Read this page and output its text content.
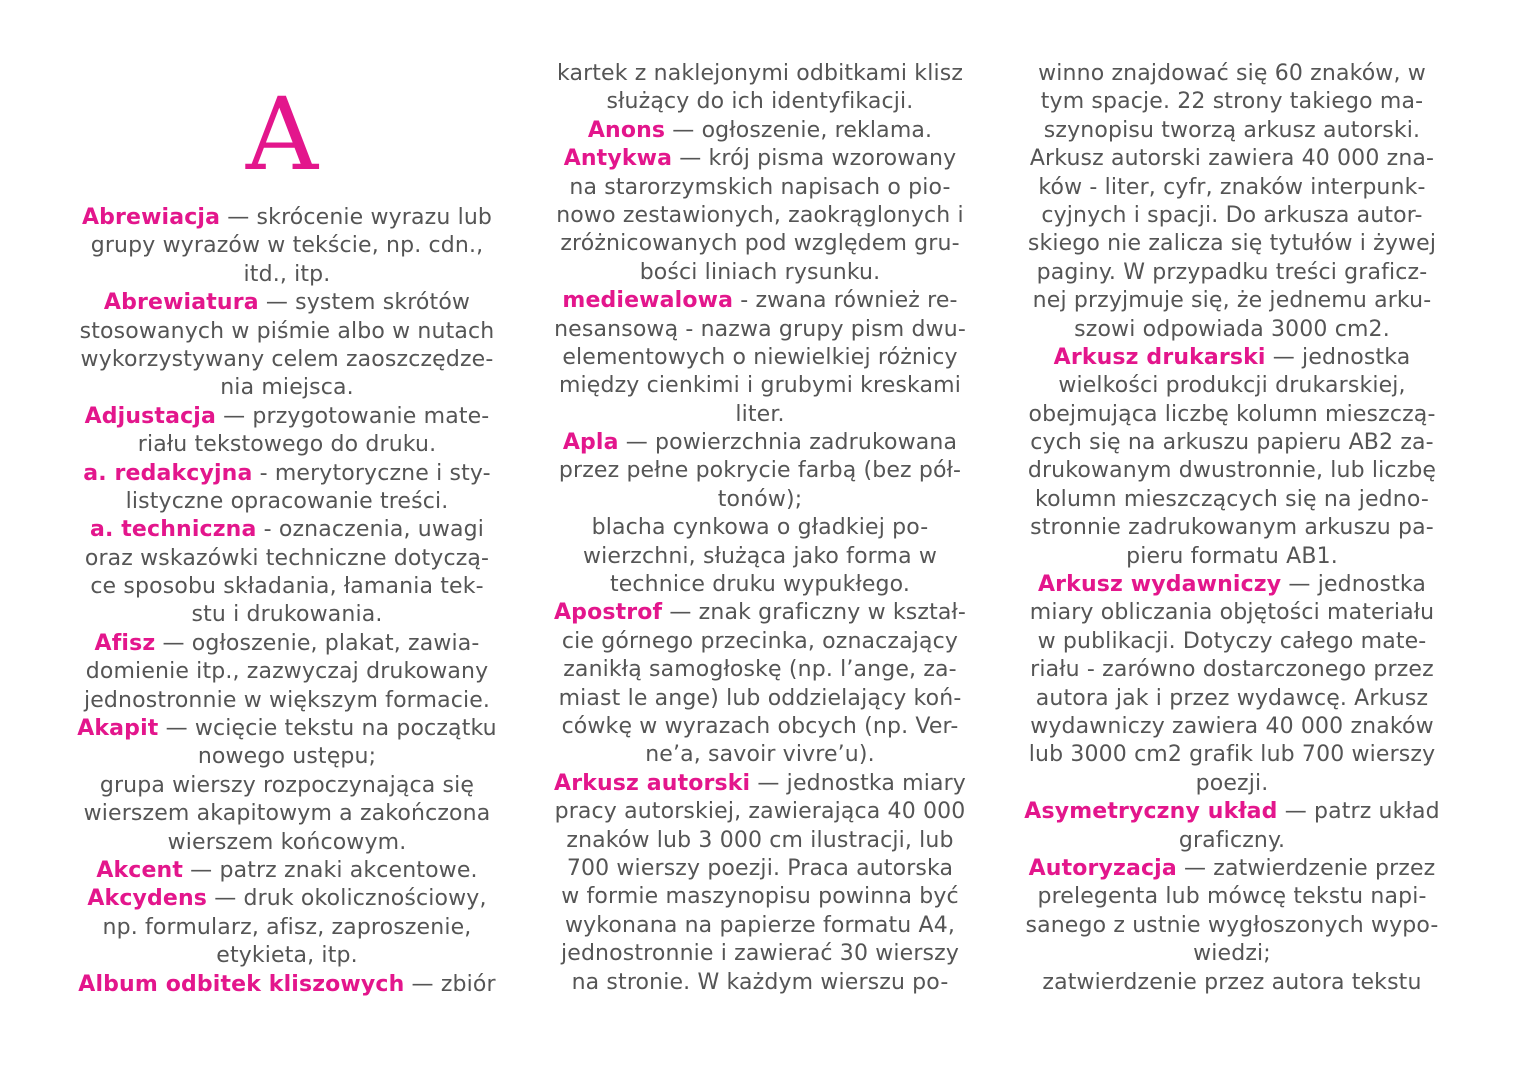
A
Abrewiacja — skrócenie wyrazu lub
grupy wyrazów w tekście, np. cdn.,
itd., itp.
Abrewiatura — system skrótów
stosowanych w piśmie albo w nutach
wykorzystywany celem zaoszczędze-
nia miejsca.
Adjustacja — przygotowanie mate-
riału tekstowego do druku.
a. redakcyjna - merytoryczne i sty-
listyczne opracowanie treści.
a. techniczna - oznaczenia, uwagi
oraz wskazówki techniczne dotyczą-
ce sposobu składania, łamania tek-
stu i drukowania.
Afisz — ogłoszenie, plakat, zawia-
domienie itp., zazwyczaj drukowany
jednostronnie w większym formacie.
Akapit — wcięcie tekstu na początku
nowego ustępu;
grupa wierszy rozpoczynająca się
wierszem akapitowym a zakończona
wierszem końcowym.
Akcent — patrz znaki akcentowe.
Akcydens — druk okolicznościowy,
np. formularz, afisz, zaproszenie,
etykieta, itp.
Album odbitek kliszowych — zbiór
kartek z naklejonymi odbitkami klisz
służący do ich identyfikacji.
Anons — ogłoszenie, reklama.
Antykwa — krój pisma wzorowany
na starorzymskich napisach o pio-
nowo zestawionych, zaokrąglonych i
zróżnicowanych pod względem gru-
bości liniach rysunku.
mediewalowa - zwana również re-
nesansową - nazwa grupy pism dwu-
elementowych o niewielkiej różnicy
między cienkimi i grubymi kreskami
liter.
Apla — powierzchnia zadrukowana
przez pełne pokrycie farbą (bez pół-
tonów);
blacha cynkowa o gładkiej po-
wierzchni, służąca jako forma w
technice druku wypukłego.
Apostrof — znak graficzny w kształ-
cie górnego przecinka, oznaczający
zanikłą samogłoskę (np. l’ange, za-
miast le ange) lub oddzielający koń-
cówkę w wyrazach obcych (np. Ver-
ne’a, savoir vivre’u).
Arkusz autorski — jednostka miary
pracy autorskiej, zawierająca 40 000
znaków lub 3 000 cm ilustracji, lub
700 wierszy poezji. Praca autorska
w formie maszynopisu powinna być
wykonana na papierze formatu A4,
jednostronnie i zawierać 30 wierszy
na stronie. W każdym wierszu po-
winno znajdować się 60 znaków, w
tym spacje. 22 strony takiego ma-
szynopisu tworzą arkusz autorski.
Arkusz autorski zawiera 40 000 zna-
ków - liter, cyfr, znaków interpunk-
cyjnych i spacji. Do arkusza autor-
skiego nie zalicza się tytułów i żywej
paginy. W przypadku treści graficz-
nej przyjmuje się, że jednemu arku-
szowi odpowiada 3000 cm2.
Arkusz drukarski — jednostka
wielkości produkcji drukarskiej,
obejmująca liczbę kolumn mieszczą-
cych się na arkuszu papieru AB2 za-
drukowanym dwustronnie, lub liczbę
kolumn mieszczących się na jedno-
stronnie zadrukowanym arkuszu pa-
pieru formatu AB1.
Arkusz wydawniczy — jednostka
miary obliczania objętości materiału
w publikacji. Dotyczy całego mate-
riału - zarówno dostarczonego przez
autora jak i przez wydawcę. Arkusz
wydawniczy zawiera 40 000 znaków
lub 3000 cm2 grafik lub 700 wierszy
poezji.
Asymetryczny układ — patrz układ
graficzny.
Autoryzacja — zatwierdzenie przez
prelegenta lub mówcę tekstu napi-
sanego z ustnie wygłoszonych wypo-
wiedzi;
zatwierdzenie przez autora tekstu
